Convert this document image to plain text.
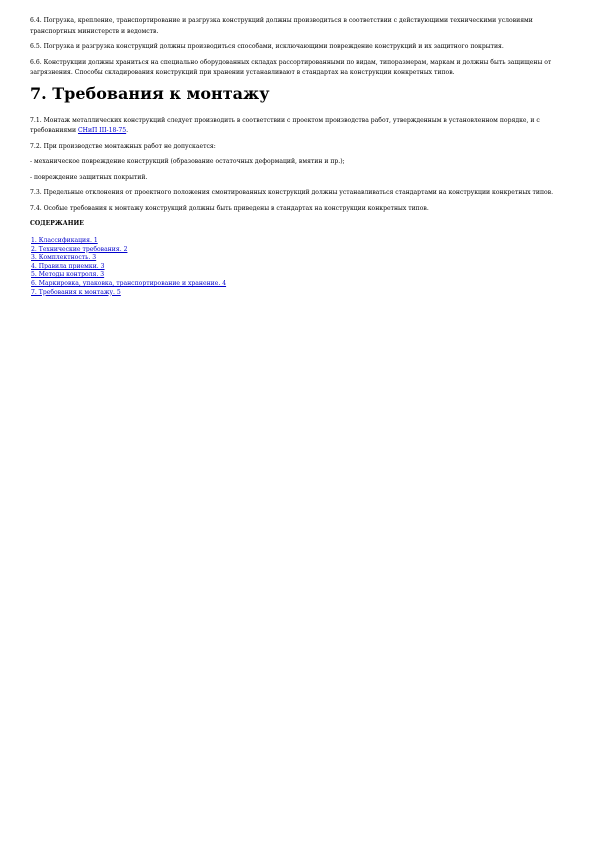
6.4. Погрузка, крепление, транспортирование и разгрузка конструкций должны производиться в соответствии с действующими техническими условиями транспортных министерств и ведомств.

6.5. Погрузка и разгрузка конструкций должны производиться способами, исключающими повреждение конструкций и их защитного покрытия.

6.6. Конструкции должны храниться на специально оборудованных складах рассортированными по видам, типоразмерам, маркам и должны быть защищены от загрязнения. Способы складирования конструкций при хранении устанавливают в стандартах на конструкции конкретных типов.

7. Требования к монтажу

7.1. Монтаж металлических конструкций следует производить в соответствии с проектом производства работ, утвержденным в установленном порядке, и с требованиями СНиП III-18-75.

7.2. При производстве монтажных работ не допускается:

- механическое повреждение конструкций (образование остаточных деформаций, вмятин и пр.);

- повреждение защитных покрытий.

7.3. Предельные отклонения от проектного положения смонтированных конструкций должны устанавливаться стандартами на конструкции конкретных типов.

7.4. Особые требования к монтажу конструкций должны быть приведены в стандартах на конструкции конкретных типов.

СОДЕРЖАНИЕ

1. Классификация. 1
2. Технические требования. 2
3. Комплектность. 3
4. Правила приемки. 3
5. Методы контроля. 3
6. Маркировка, упаковка, транспортирование и хранение. 4
7. Требования к монтажу. 5
